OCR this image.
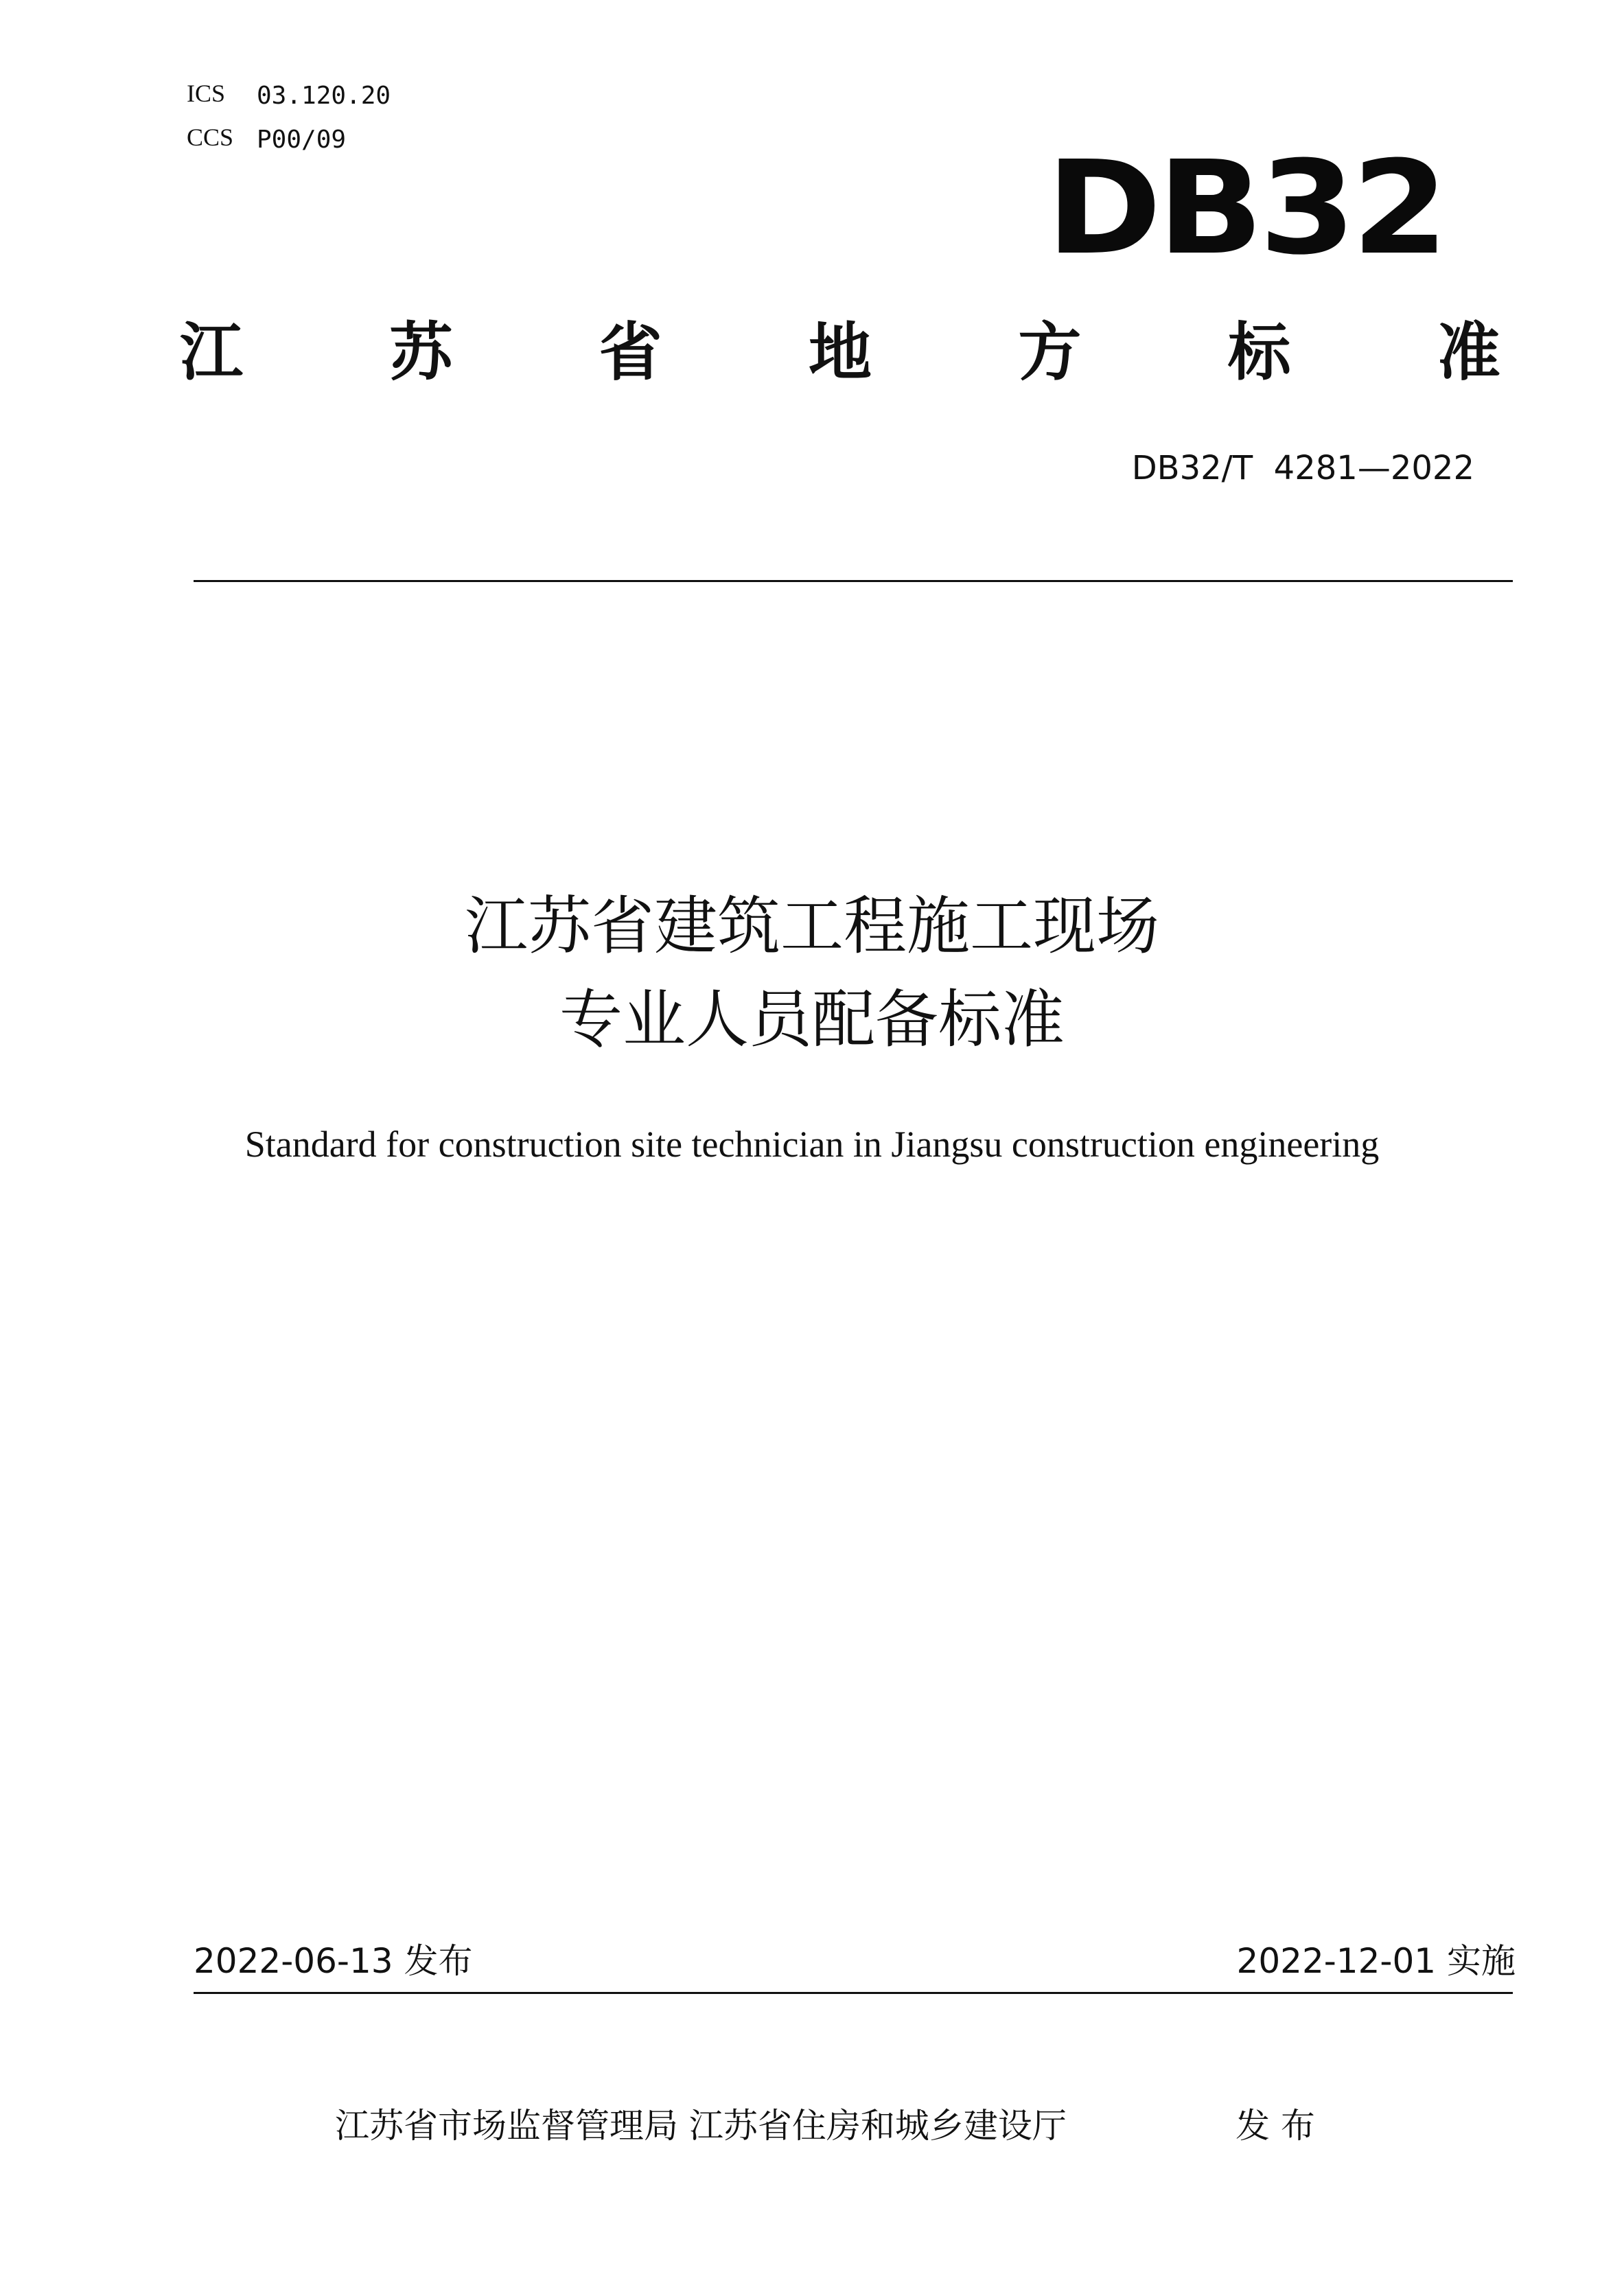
ICS 03.120.20
CCS P00/09	DB32
江 苏 省 地 方 标 准
DB32/T  4281—2022
江苏省建筑工程施工现场
专业人员配备标准
Standard for construction site technician in Jiangsu construction engineering
2022-06-13 发布	2022-12-01 实施
江苏省市场监督管理局 江苏省住房和城乡建设厅	发 布
